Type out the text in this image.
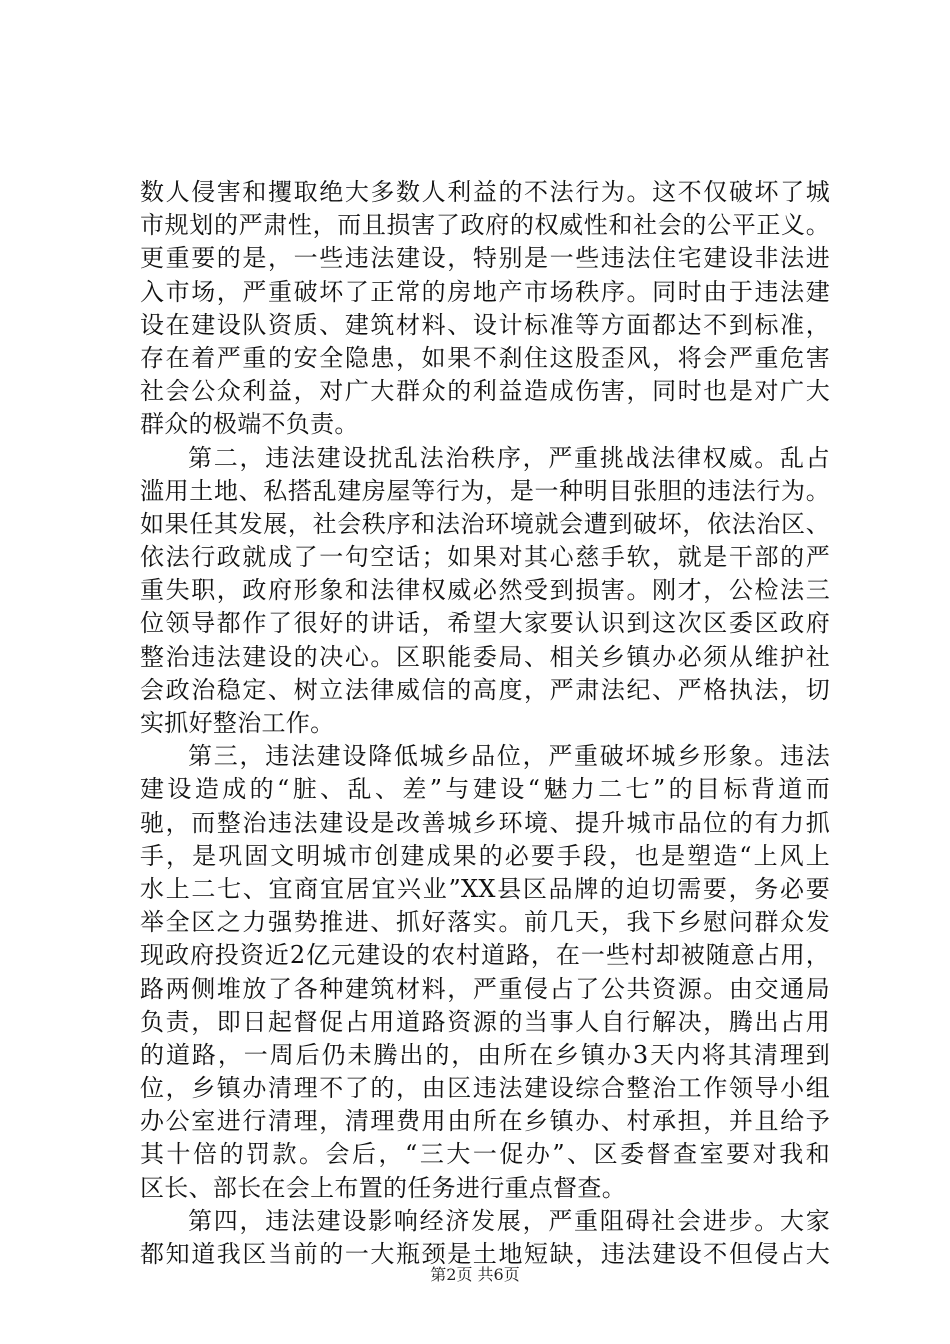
数人侵害和攫取绝大多数人利益的不法行为。这不仅破坏了城
市规划的严肃性，而且损害了政府的权威性和社会的公平正义。
更重要的是，一些违法建设，特别是一些违法住宅建设非法进
入市场，严重破坏了正常的房地产市场秩序。同时由于违法建
设在建设队资质、建筑材料、设计标准等方面都达不到标准，
存在着严重的安全隐患，如果不刹住这股歪风，将会严重危害
社会公众利益，对广大群众的利益造成伤害，同时也是对广大
群众的极端不负责。
第二，违法建设扰乱法治秩序，严重挑战法律权威。乱占
滥用土地、私搭乱建房屋等行为，是一种明目张胆的违法行为。
如果任其发展，社会秩序和法治环境就会遭到破坏，依法治区、
依法行政就成了一句空话；如果对其心慈手软，就是干部的严
重失职，政府形象和法律权威必然受到损害。刚才，公检法三
位领导都作了很好的讲话，希望大家要认识到这次区委区政府
整治违法建设的决心。区职能委局、相关乡镇办必须从维护社
会政治稳定、树立法律威信的高度，严肃法纪、严格执法，切
实抓好整治工作。
第三，违法建设降低城乡品位，严重破坏城乡形象。违法
建设造成的“脏、乱、差”与建设“魅力二七”的目标背道而
驰，而整治违法建设是改善城乡环境、提升城市品位的有力抓
手，是巩固文明城市创建成果的必要手段，也是塑造“上风上
水上二七、宜商宜居宜兴业”XX县区品牌的迫切需要，务必要
举全区之力强势推进、抓好落实。前几天，我下乡慰问群众发
现政府投资近2亿元建设的农村道路，在一些村却被随意占用，
路两侧堆放了各种建筑材料，严重侵占了公共资源。由交通局
负责，即日起督促占用道路资源的当事人自行解决，腾出占用
的道路，一周后仍未腾出的，由所在乡镇办3天内将其清理到
位，乡镇办清理不了的，由区违法建设综合整治工作领导小组
办公室进行清理，清理费用由所在乡镇办、村承担，并且给予
其十倍的罚款。会后，“三大一促办”、区委督查室要对我和
区长、部长在会上布置的任务进行重点督查。
第四，违法建设影响经济发展，严重阻碍社会进步。大家
都知道我区当前的一大瓶颈是土地短缺，违法建设不但侵占大
第2页 共6页
